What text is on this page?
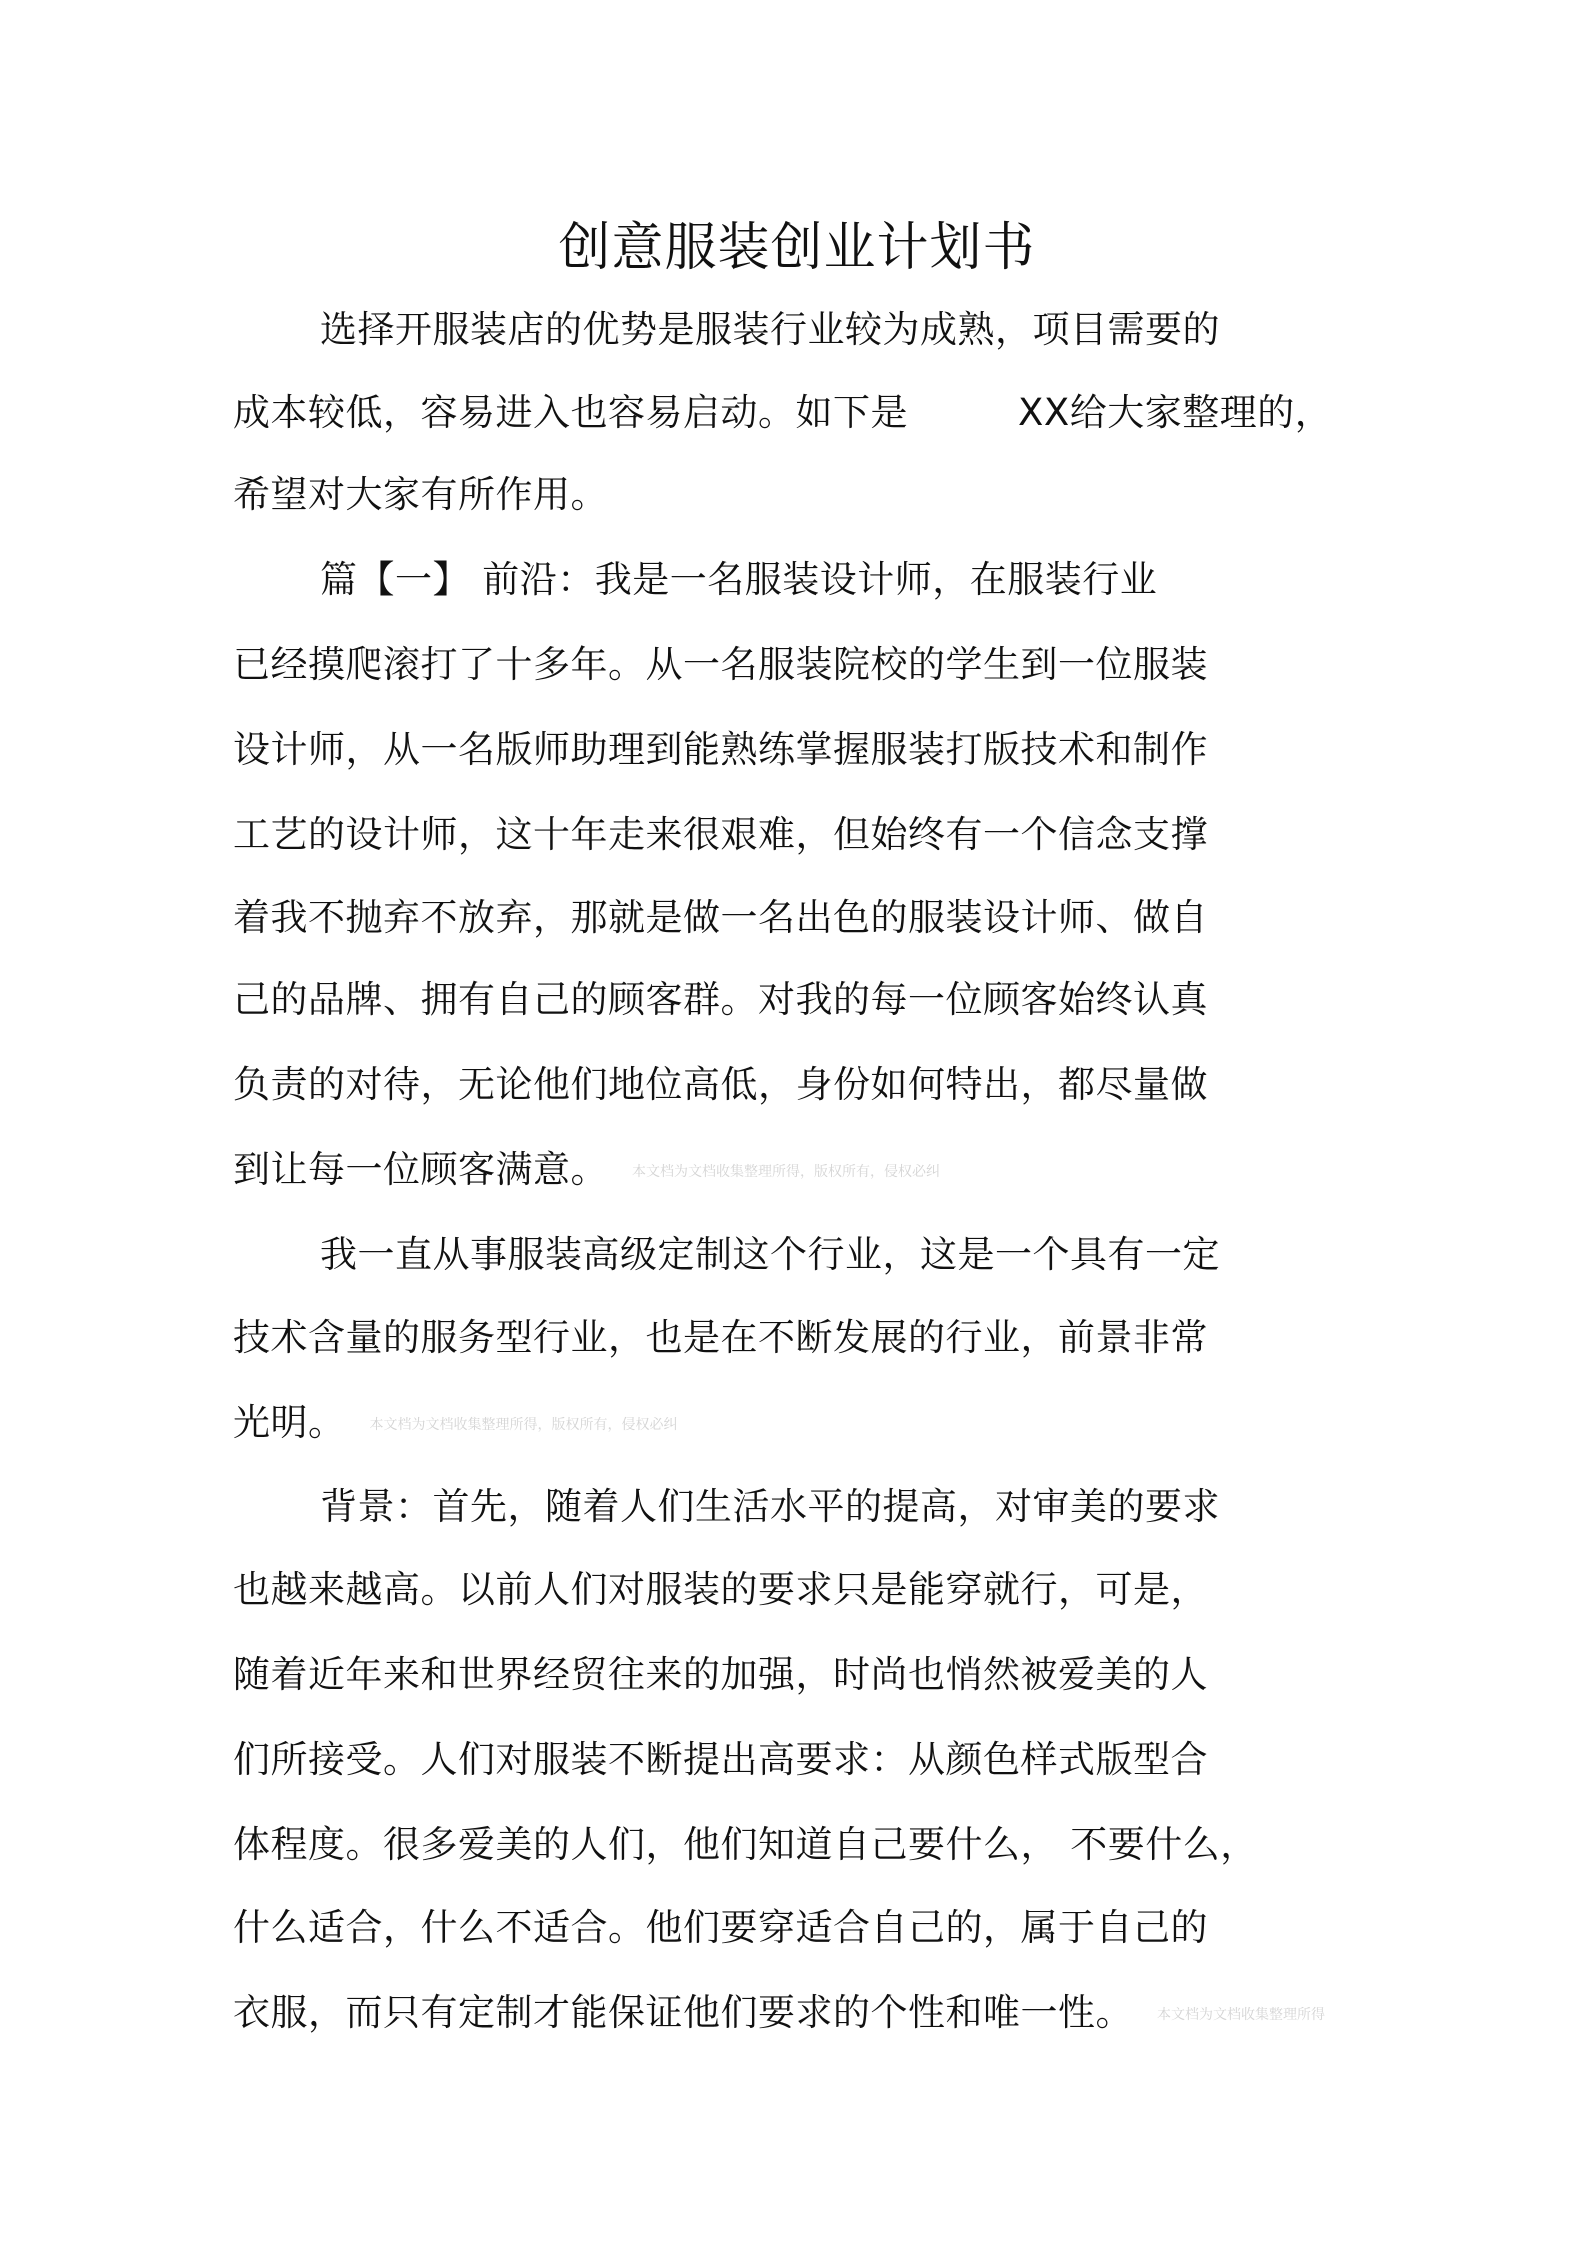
创意服装创业计划书
选择开服装店的优势是服装行业较为成熟，项目需要的
成本较低，容易进入也容易启动。如下是	XX给大家整理的，
希望对大家有所作用。
篇【一】 前沿：我是一名服装设计师，在服装行业
已经摸爬滚打了十多年。从一名服装院校的学生到一位服装
设计师，从一名版师助理到能熟练掌握服装打版技术和制作
工艺的设计师，这十年走来很艰难，但始终有一个信念支撑
着我不抛弃不放弃，那就是做一名出色的服装设计师、做自
己的品牌、拥有自己的顾客群。对我的每一位顾客始终认真
负责的对待，无论他们地位高低，身份如何特出，都尽量做
到让每一位顾客满意。 本文档为文档收集整理所得，版权所有，侵权必纠
我一直从事服装高级定制这个行业，这是一个具有一定
技术含量的服务型行业，也是在不断发展的行业，前景非常
光明。 本文档为文档收集整理所得，版权所有，侵权必纠
背景：首先，随着人们生活水平的提高，对审美的要求
也越来越高。以前人们对服装的要求只是能穿就行，可是，
随着近年来和世界经贸往来的加强，时尚也悄然被爱美的人
们所接受。人们对服装不断提出高要求：从颜色样式版型合
体程度。很多爱美的人们，他们知道自己要什么， 不要什么，
什么适合，什么不适合。他们要穿适合自己的，属于自己的
衣服，而只有定制才能保证他们要求的个性和唯一性。 本文档为文档收集整理所得
